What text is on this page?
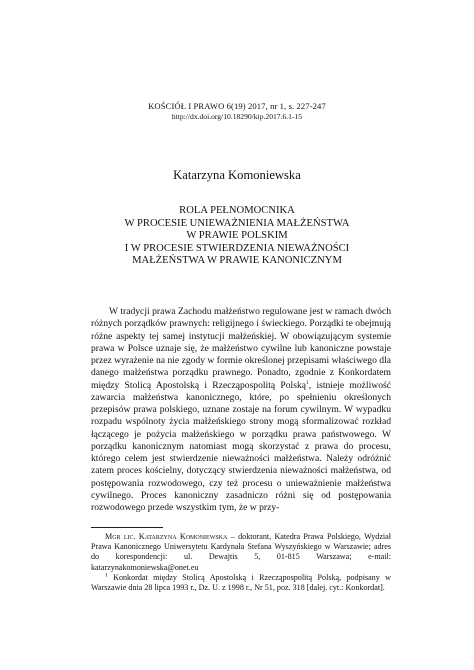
KOŚCIÓŁ I PRAWO 6(19) 2017, nr 1, s. 227-247
http://dx.doi.org/10.18290/kip.2017.6.1-15
Katarzyna Komoniewska
ROLA PEŁNOMOCNIKA
W PROCESIE UNIEWAŻNIENIA MAŁŻEŃSTWA
W PRAWIE POLSKIM
I W PROCESIE STWIERDZENIA NIEWAŻNOŚCI
MAŁŻEŃSTWA W PRAWIE KANONICZNYM

W tradycji prawa Zachodu małżeństwo regulowane jest w ramach dwóch różnych porządków prawnych: religijnego i świeckiego. Porządki te obejmują różne aspekty tej samej instytucji małżeńskiej. W obowiązującym systemie prawa w Polsce uznaje się, że małżeństwo cywilne lub kanoniczne powstaje przez wyrażenie na nie zgody w formie określonej przepisami właściwego dla danego małżeństwa porządku prawnego. Ponadto, zgodnie z Konkordatem między Stolicą Apostolską i Rzecząpospolitą Polską$^1$, istnieje możliwość zawarcia małżeństwa kanonicznego, które, po spełnieniu określonych przepisów prawa polskiego, uznane zostaje na forum cywilnym. W wypadku rozpadu wspólnoty życia małżeńskiego strony mogą sformalizować rozkład łączącego je pożycia małżeńskiego w porządku prawa państwowego. W porządku kanonicznym natomiast mogą skorzystać z prawa do procesu, którego celem jest stwierdzenie nieważności małżeństwa. Należy odróżnić zatem proces kościelny, dotyczący stwierdzenia nieważności małżeństwa, od postępowania rozwodowego, czy też procesu o unieważnienie małżeństwa cywilnego. Proces kanoniczny zasadniczo różni się od postępowania rozwodowego przede wszystkim tym, że w przy-

Mgr lic. Katarzyna Komoniewska – doktorant, Katedra Prawa Polskiego, Wydział Prawa Kanonicznego Uniwersytetu Kardynała Stefana Wyszyńskiego w Warszawie; adres do korespondencji: ul. Dewajtis 5, 01-815 Warszawa; e-mail: katarzynakomoniewska@onet.eu

$^1$ Konkordat między Stolicą Apostolską i Rzecząpospolitą Polską, podpisany w Warszawie dnia 28 lipca 1993 r., Dz. U. z 1998 r., Nr 51, poz. 318 [dalej. cyt.: Konkordat].
